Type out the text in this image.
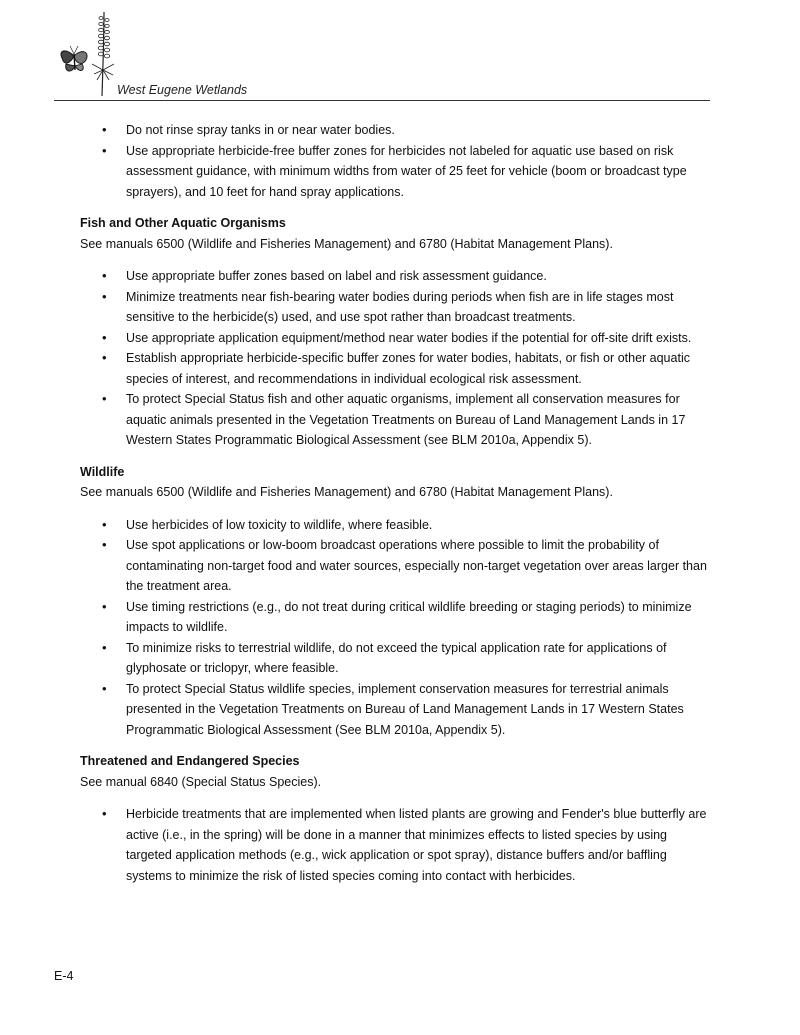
West Eugene Wetlands
• Do not rinse spray tanks in or near water bodies.
• Use appropriate herbicide-free buffer zones for herbicides not labeled for aquatic use based on risk assessment guidance, with minimum widths from water of 25 feet for vehicle (boom or broadcast type sprayers), and 10 feet for hand spray applications.

Fish and Other Aquatic Organisms

See manuals 6500 (Wildlife and Fisheries Management) and 6780 (Habitat Management Plans).

• Use appropriate buffer zones based on label and risk assessment guidance.
• Minimize treatments near fish-bearing water bodies during periods when fish are in life stages most sensitive to the herbicide(s) used, and use spot rather than broadcast treatments.
• Use appropriate application equipment/method near water bodies if the potential for off-site drift exists.
• Establish appropriate herbicide-specific buffer zones for water bodies, habitats, or fish or other aquatic species of interest, and recommendations in individual ecological risk assessment.
• To protect Special Status fish and other aquatic organisms, implement all conservation measures for aquatic animals presented in the Vegetation Treatments on Bureau of Land Management Lands in 17 Western States Programmatic Biological Assessment (see BLM 2010a, Appendix 5).

Wildlife

See manuals 6500 (Wildlife and Fisheries Management) and 6780 (Habitat Management Plans).

• Use herbicides of low toxicity to wildlife, where feasible.
• Use spot applications or low-boom broadcast operations where possible to limit the probability of contaminating non-target food and water sources, especially non-target vegetation over areas larger than the treatment area.
• Use timing restrictions (e.g., do not treat during critical wildlife breeding or staging periods) to minimize impacts to wildlife.
• To minimize risks to terrestrial wildlife, do not exceed the typical application rate for applications of glyphosate or triclopyr, where feasible.
• To protect Special Status wildlife species, implement conservation measures for terrestrial animals presented in the Vegetation Treatments on Bureau of Land Management Lands in 17 Western States Programmatic Biological Assessment (See BLM 2010a, Appendix 5).

Threatened and Endangered Species

See manual 6840 (Special Status Species).

• Herbicide treatments that are implemented when listed plants are growing and Fender's blue butterfly are active (i.e., in the spring) will be done in a manner that minimizes effects to listed species by using targeted application methods (e.g., wick application or spot spray), distance buffers and/or baffling systems to minimize the risk of listed species coming into contact with herbicides.
E-4
